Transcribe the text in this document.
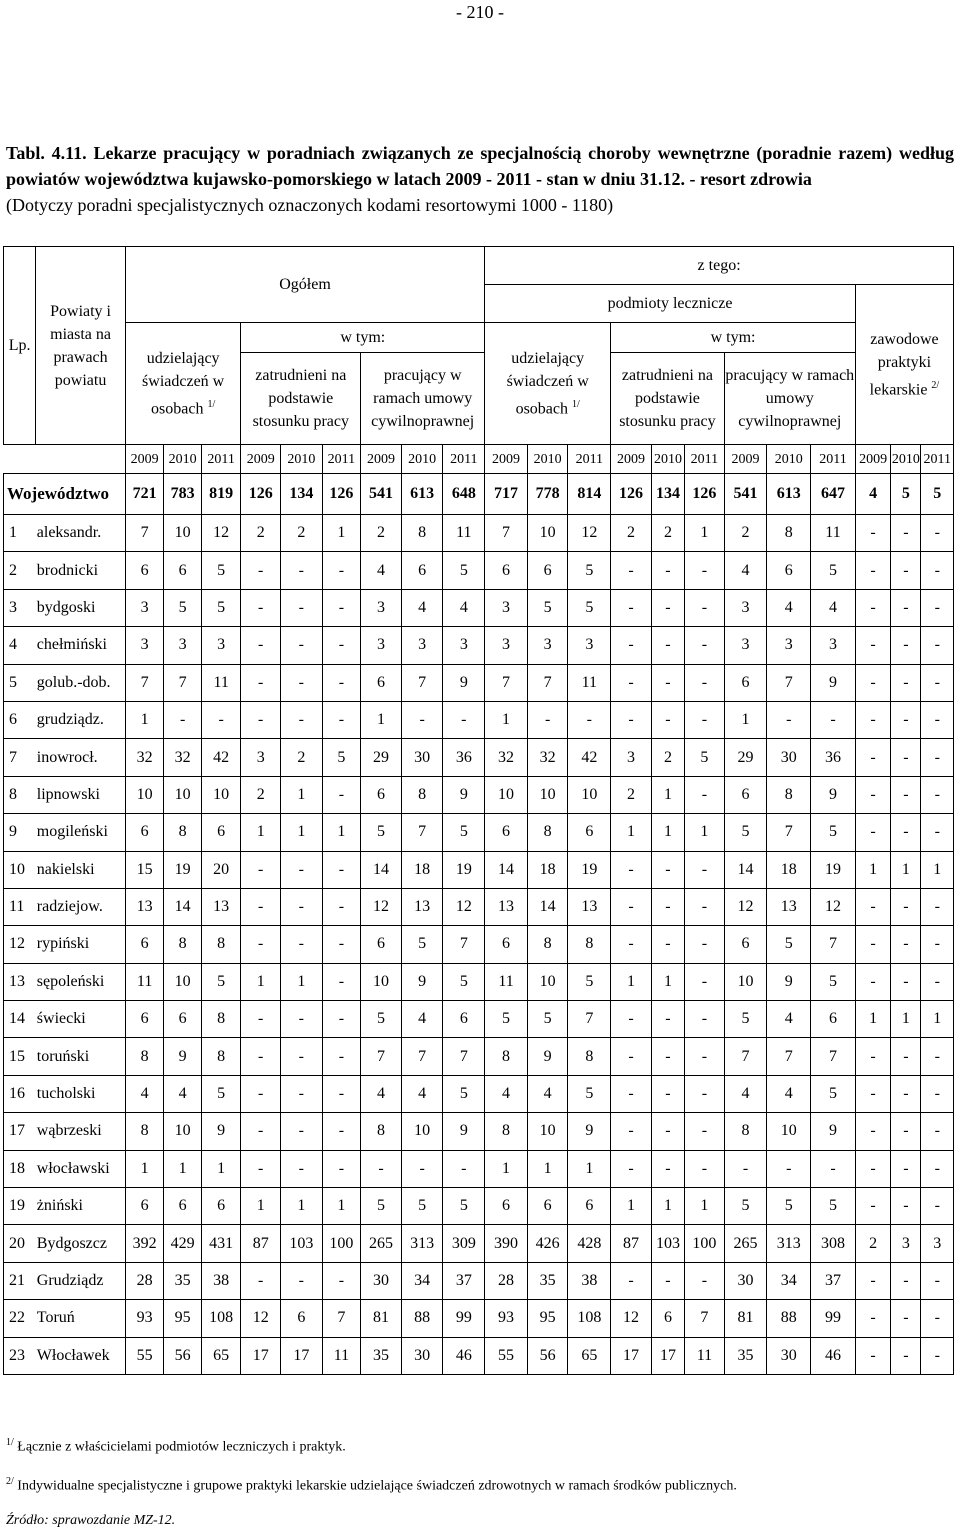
- 210 -
Tabl. 4.11. Lekarze pracujący w poradniach związanych ze specjalnością choroby wewnętrzne (poradnie razem) według powiatów województwa kujawsko-pomorskiego w latach 2009 - 2011 - stan w dniu 31.12. - resort zdrowia
(Dotyczy poradni specjalistycznych oznaczonych kodami resortowymi 1000 - 1180)
Lp.	Powiaty i miasta na prawach powiatu	Ogółem									z tego:											
											podmioty lecznicze									zawodowe praktyki lekarskie $^{2/}$
		udzielający świadczeń w osobach $^{1/}$			w tym:						udzielający świadczeń w osobach $^{1/}$			w tym:								
					zatrudnieni na podstawie stosunku pracy			pracujący w ramach umowy cywilnoprawnej						zatrudnieni na podstawie stosunku pracy			pracujący w ramach umowy cywilnoprawnej					
		2009	2010	2011	2009	2010	2011	2009	2010	2011	2009	2010	2011	2009	2010	2011	2009	2010	2011	2009	2010	2011
Województwo		721	783	819	126	134	126	541	613	648	717	778	814	126	134	126	541	613	647	4	5	5
1	aleksandr.	7	10	12	2	2	1	2	8	11	7	10	12	2	2	1	2	8	11	-	-	-
2	brodnicki	6	6	5	-	-	-	4	6	5	6	6	5	-	-	-	4	6	5	-	-	-
3	bydgoski	3	5	5	-	-	-	3	4	4	3	5	5	-	-	-	3	4	4	-	-	-
4	chełmiński	3	3	3	-	-	-	3	3	3	3	3	3	-	-	-	3	3	3	-	-	-
5	golub.-dob.	7	7	11	-	-	-	6	7	9	7	7	11	-	-	-	6	7	9	-	-	-
6	grudziądz.	1	-	-	-	-	-	1	-	-	1	-	-	-	-	-	1	-	-	-	-	-
7	inowrocł.	32	32	42	3	2	5	29	30	36	32	32	42	3	2	5	29	30	36	-	-	-
8	lipnowski	10	10	10	2	1	-	6	8	9	10	10	10	2	1	-	6	8	9	-	-	-
9	mogileński	6	8	6	1	1	1	5	7	5	6	8	6	1	1	1	5	7	5	-	-	-
10	nakielski	15	19	20	-	-	-	14	18	19	14	18	19	-	-	-	14	18	19	1	1	1
11	radziejow.	13	14	13	-	-	-	12	13	12	13	14	13	-	-	-	12	13	12	-	-	-
12	rypiński	6	8	8	-	-	-	6	5	7	6	8	8	-	-	-	6	5	7	-	-	-
13	sępoleński	11	10	5	1	1	-	10	9	5	11	10	5	1	1	-	10	9	5	-	-	-
14	świecki	6	6	8	-	-	-	5	4	6	5	5	7	-	-	-	5	4	6	1	1	1
15	toruński	8	9	8	-	-	-	7	7	7	8	9	8	-	-	-	7	7	7	-	-	-
16	tucholski	4	4	5	-	-	-	4	4	5	4	4	5	-	-	-	4	4	5	-	-	-
17	wąbrzeski	8	10	9	-	-	-	8	10	9	8	10	9	-	-	-	8	10	9	-	-	-
18	włocławski	1	1	1	-	-	-	-	-	-	1	1	1	-	-	-	-	-	-	-	-	-
19	żniński	6	6	6	1	1	1	5	5	5	6	6	6	1	1	1	5	5	5	-	-	-
20	Bydgoszcz	392	429	431	87	103	100	265	313	309	390	426	428	87	103	100	265	313	308	2	3	3
21	Grudziądz	28	35	38	-	-	-	30	34	37	28	35	38	-	-	-	30	34	37	-	-	-
22	Toruń	93	95	108	12	6	7	81	88	99	93	95	108	12	6	7	81	88	99	-	-	-
23	Włocławek	55	56	65	17	17	11	35	30	46	55	56	65	17	17	11	35	30	46	-	-	-
$^{1/}$ Łącznie z właścicielami podmiotów leczniczych i praktyk.
$^{2/}$ Indywidualne specjalistyczne i grupowe praktyki lekarskie udzielające świadczeń zdrowotnych w ramach środków publicznych.
Źródło: sprawozdanie MZ-12.
